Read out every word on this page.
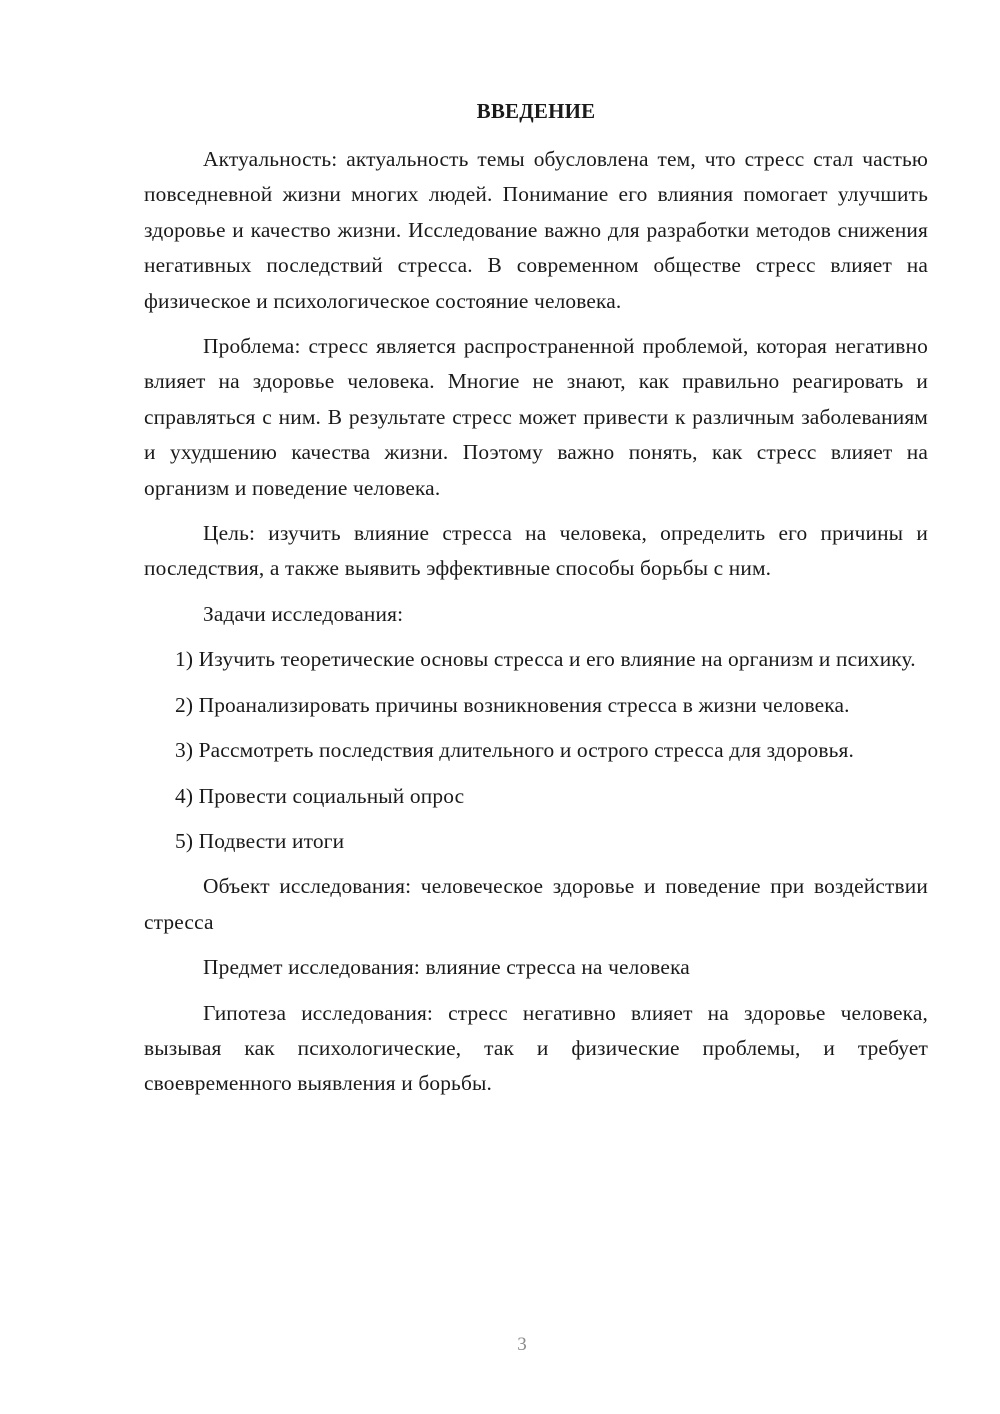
ВВЕДЕНИЕ

Актуальность: актуальность темы обусловлена тем, что стресс стал частью повседневной жизни многих людей. Понимание его влияния помогает улучшить здоровье и качество жизни. Исследование важно для разработки методов снижения негативных последствий стресса. В современном обществе стресс влияет на физическое и психологическое состояние человека.

Проблема: стресс является распространенной проблемой, которая негативно влияет на здоровье человека. Многие не знают, как правильно реагировать и справляться с ним. В результате стресс может привести к различным заболеваниям и ухудшению качества жизни. Поэтому важно понять, как стресс влияет на организм и поведение человека.

Цель: изучить влияние стресса на человека, определить его причины и последствия, а также выявить эффективные способы борьбы с ним.

Задачи исследования:

1) Изучить теоретические основы стресса и его влияние на организм и психику.

2) Проанализировать причины возникновения стресса в жизни человека.

3) Рассмотреть последствия длительного и острого стресса для здоровья.

4) Провести социальный опрос

5) Подвести итоги

Объект исследования: человеческое здоровье и поведение при воздействии стресса

Предмет исследования: влияние стресса на человека

Гипотеза исследования: стресс негативно влияет на здоровье человека, вызывая как психологические, так и физические проблемы, и требует своевременного выявления и борьбы.

3
